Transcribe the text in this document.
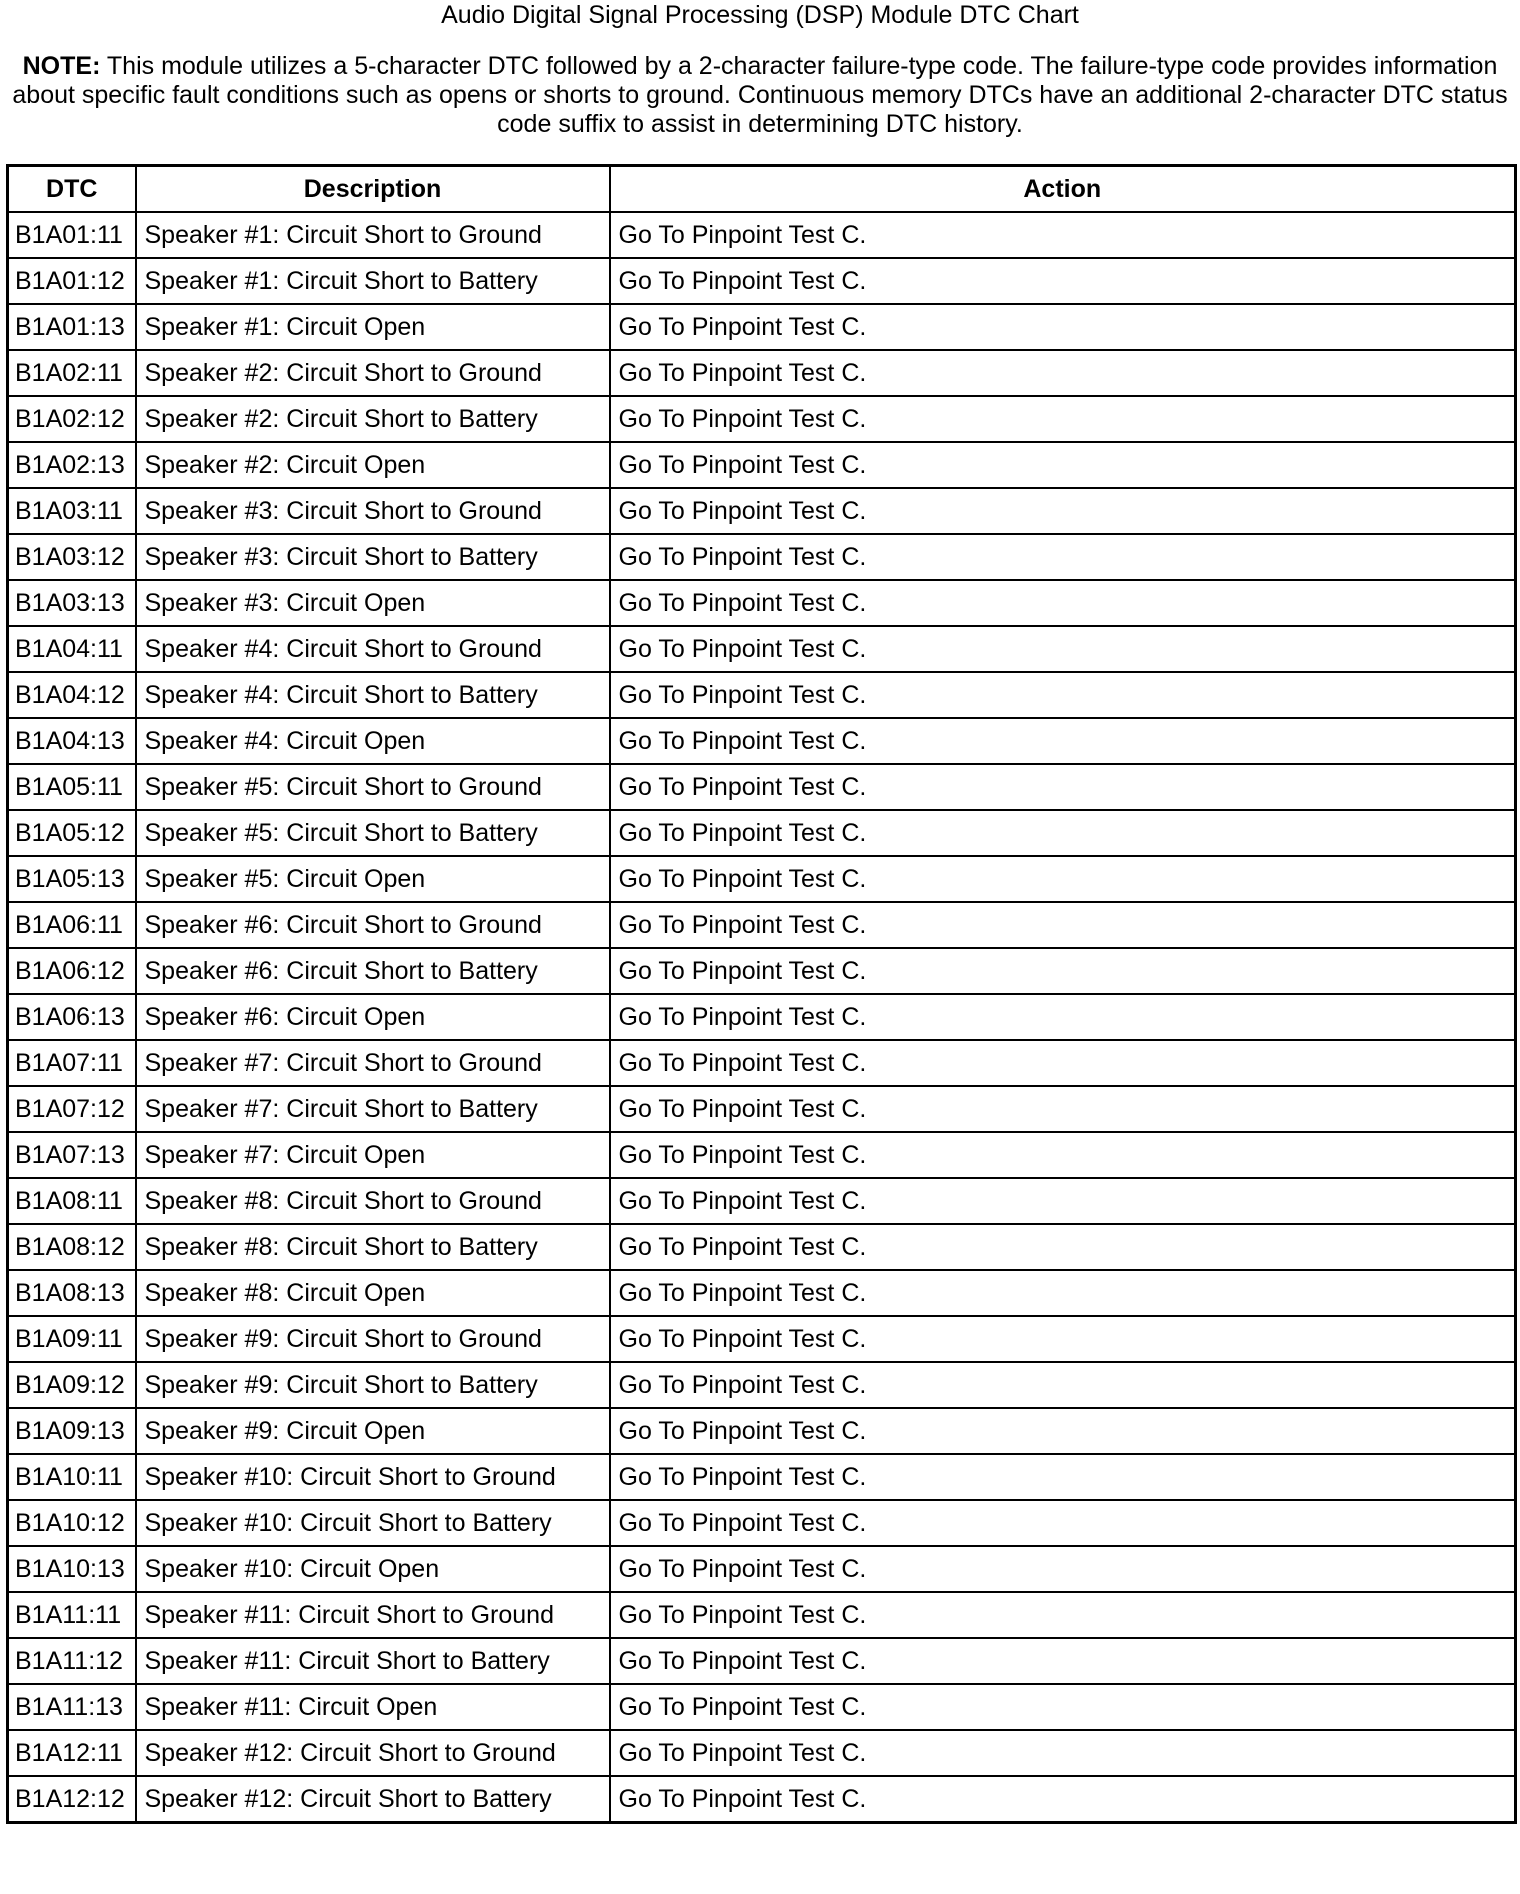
Audio Digital Signal Processing (DSP) Module DTC Chart
NOTE: This module utilizes a 5-character DTC followed by a 2-character failure-type code. The failure-type code provides information
about specific fault conditions such as opens or shorts to ground. Continuous memory DTCs have an additional 2-character DTC status
code suffix to assist in determining DTC history.
DTC	Description	Action
B1A01:11	Speaker #1: Circuit Short to Ground	Go To Pinpoint Test C.
B1A01:12	Speaker #1: Circuit Short to Battery	Go To Pinpoint Test C.
B1A01:13	Speaker #1: Circuit Open	Go To Pinpoint Test C.
B1A02:11	Speaker #2: Circuit Short to Ground	Go To Pinpoint Test C.
B1A02:12	Speaker #2: Circuit Short to Battery	Go To Pinpoint Test C.
B1A02:13	Speaker #2: Circuit Open	Go To Pinpoint Test C.
B1A03:11	Speaker #3: Circuit Short to Ground	Go To Pinpoint Test C.
B1A03:12	Speaker #3: Circuit Short to Battery	Go To Pinpoint Test C.
B1A03:13	Speaker #3: Circuit Open	Go To Pinpoint Test C.
B1A04:11	Speaker #4: Circuit Short to Ground	Go To Pinpoint Test C.
B1A04:12	Speaker #4: Circuit Short to Battery	Go To Pinpoint Test C.
B1A04:13	Speaker #4: Circuit Open	Go To Pinpoint Test C.
B1A05:11	Speaker #5: Circuit Short to Ground	Go To Pinpoint Test C.
B1A05:12	Speaker #5: Circuit Short to Battery	Go To Pinpoint Test C.
B1A05:13	Speaker #5: Circuit Open	Go To Pinpoint Test C.
B1A06:11	Speaker #6: Circuit Short to Ground	Go To Pinpoint Test C.
B1A06:12	Speaker #6: Circuit Short to Battery	Go To Pinpoint Test C.
B1A06:13	Speaker #6: Circuit Open	Go To Pinpoint Test C.
B1A07:11	Speaker #7: Circuit Short to Ground	Go To Pinpoint Test C.
B1A07:12	Speaker #7: Circuit Short to Battery	Go To Pinpoint Test C.
B1A07:13	Speaker #7: Circuit Open	Go To Pinpoint Test C.
B1A08:11	Speaker #8: Circuit Short to Ground	Go To Pinpoint Test C.
B1A08:12	Speaker #8: Circuit Short to Battery	Go To Pinpoint Test C.
B1A08:13	Speaker #8: Circuit Open	Go To Pinpoint Test C.
B1A09:11	Speaker #9: Circuit Short to Ground	Go To Pinpoint Test C.
B1A09:12	Speaker #9: Circuit Short to Battery	Go To Pinpoint Test C.
B1A09:13	Speaker #9: Circuit Open	Go To Pinpoint Test C.
B1A10:11	Speaker #10: Circuit Short to Ground	Go To Pinpoint Test C.
B1A10:12	Speaker #10: Circuit Short to Battery	Go To Pinpoint Test C.
B1A10:13	Speaker #10: Circuit Open	Go To Pinpoint Test C.
B1A11:11	Speaker #11: Circuit Short to Ground	Go To Pinpoint Test C.
B1A11:12	Speaker #11: Circuit Short to Battery	Go To Pinpoint Test C.
B1A11:13	Speaker #11: Circuit Open	Go To Pinpoint Test C.
B1A12:11	Speaker #12: Circuit Short to Ground	Go To Pinpoint Test C.
B1A12:12	Speaker #12: Circuit Short to Battery	Go To Pinpoint Test C.
